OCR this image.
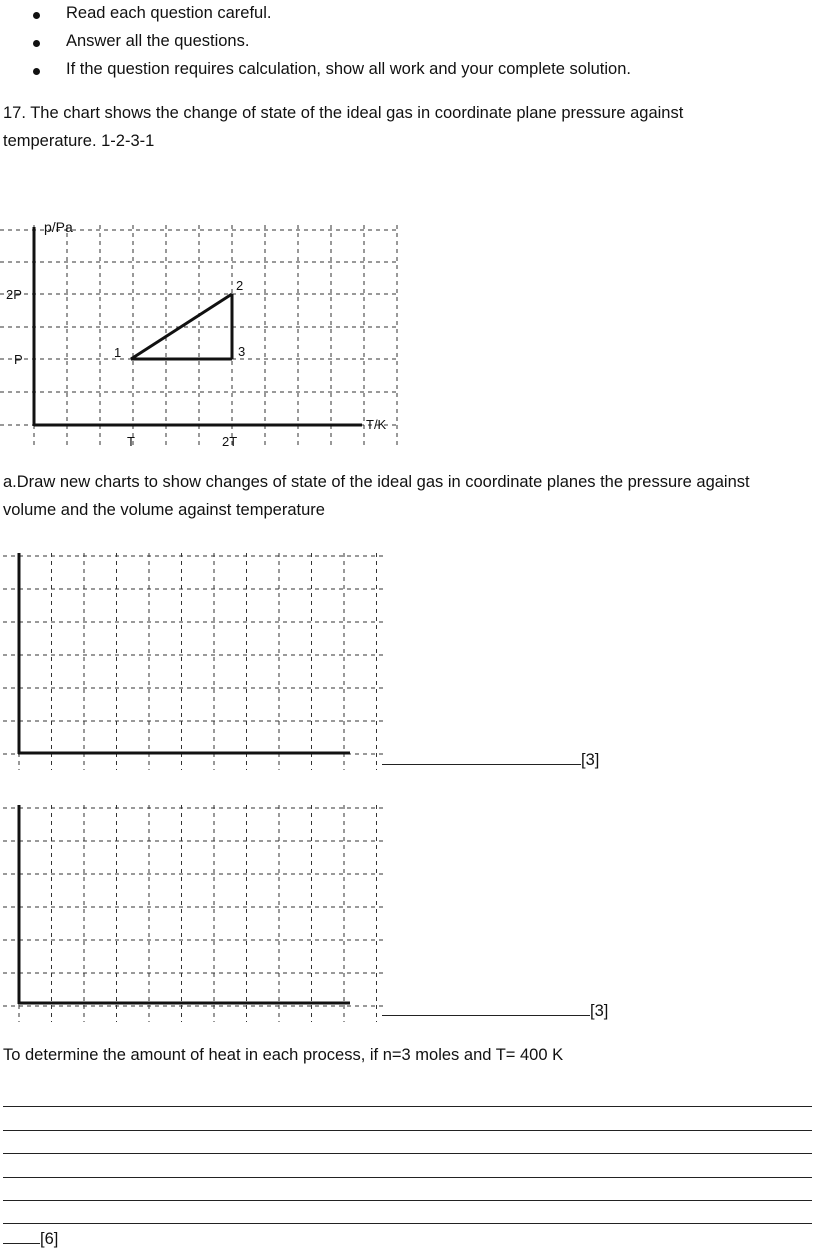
Read each question careful.
Answer all the questions.
If the question requires calculation, show all work and your complete solution.
17. The chart shows the change of state of the ideal gas in coordinate plane pressure against
temperature. 1-2-3-1
p/Pa
T/K
2P
P
T	2T
1
2
3
a.Draw new charts to show changes of state of the ideal gas in coordinate planes the pressure against
volume and the volume against temperature
[3]
[3]
To determine the amount of heat in each process, if n=3 moles and T= 400 K
[6]
